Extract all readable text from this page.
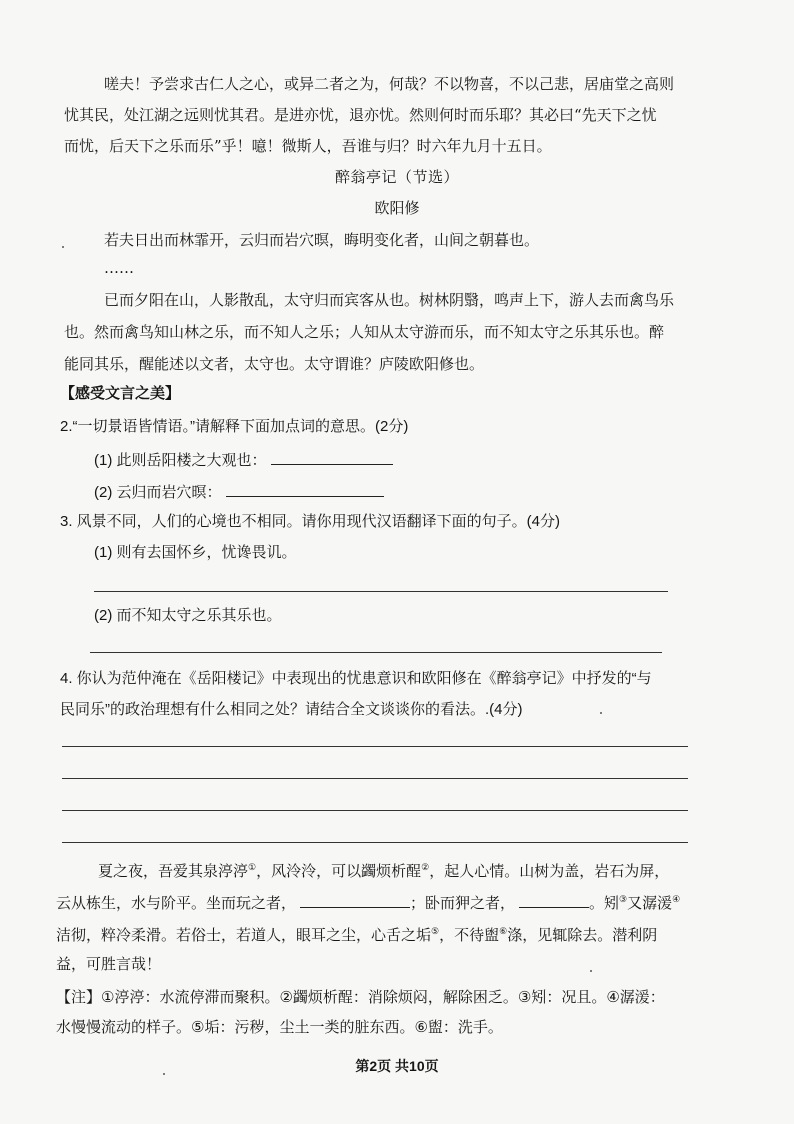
嗟夫！予尝求古仁人之心，或异二者之为，何哉？不以物喜，不以己悲，居庙堂之高则
忧其民，处江湖之远则忧其君。是进亦忧，退亦忧。然则何时而乐耶？其必曰“先天下之忧
而忧，后天下之乐而乐”乎！噫！微斯人，吾谁与归？时六年九月十五日。
醉翁亭记（节选）
欧阳修
若夫日出而林霏开，云归而岩穴暝，晦明变化者，山间之朝暮也。
……
已而夕阳在山，人影散乱，太守归而宾客从也。树林阴翳，鸣声上下，游人去而禽鸟乐
也。然而禽鸟知山林之乐，而不知人之乐；人知从太守游而乐，而不知太守之乐其乐也。醉
能同其乐，醒能述以文者，太守也。太守谓谁？庐陵欧阳修也。
【感受文言之美】
2.“一切景语皆情语。”请解释下面加点词的意思。(2分)
(1) 此则岳阳楼之大观也：
(2) 云归而岩穴暝：
3. 风景不同，人们的心境也不相同。请你用现代汉语翻译下面的句子。(4分)
(1) 则有去国怀乡，忧谗畏讥。
(2) 而不知太守之乐其乐也。
4. 你认为范仲淹在《岳阳楼记》中表现出的忧患意识和欧阳修在《醉翁亭记》中抒发的“与
民同乐”的政治理想有什么相同之处？请结合全文谈谈你的看法。.(4分)
夏之夜，吾爱其泉渟渟①，风泠泠，可以蠲烦析酲②，起人心情。山树为盖，岩石为屏，
云从栋生，水与阶平。坐而玩之者，	；卧而狎之者，	。矧③又潺湲④
洁彻，粹冷柔滑。若俗士，若道人，眼耳之尘，心舌之垢⑤，不待盥⑥涤，见辄除去。潜利阴
益，可胜言哉！
【注】①渟渟：水流停滞而聚积。②蠲烦析酲：消除烦闷，解除困乏。③矧：况且。④潺湲：
水慢慢流动的样子。⑤垢：污秽，尘土一类的脏东西。⑥盥：洗手。
第2页 共10页
